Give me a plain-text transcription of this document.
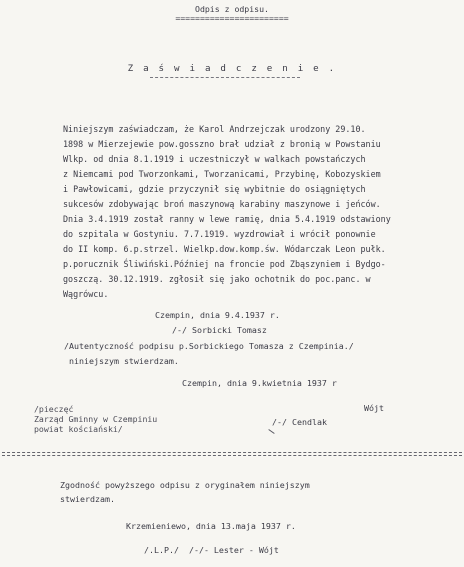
Odpis z odpisu.
=======================
Z a ś w i a d c z e n i e .
Niniejszym zaświadczam, że Karol Andrzejczak urodzony 29.10.
1898 w Mierzejewie pow.gosszno brał udział z bronią w Powstaniu
Wlkp. od dnia 8.1.1919 i uczestniczył w walkach powstańczych
z Niemcami pod Tworzonkami, Tworzanicami, Przybinę, Kobozyskiem
i Pawłowicami, gdzie przyczynił się wybitnie do osiągniętych
sukcesów zdobywając broń maszynową karabiny maszynowe i jeńców.
Dnia 3.4.1919 został ranny w lewe ramię, dnia 5.4.1919 odstawiony
do szpitala w Gostyniu. 7.7.1919. wyzdrowiał i wrócił ponownie
do II komp. 6.p.strzel. Wielkp.dow.komp.św. Wódarczak Leon pułk.
p.porucznik Śliwiński.Później na froncie pod Zbąszyniem i Bydgo-
goszczą. 30.12.1919. zgłosił się jako ochotnik do poc.panc. w
Wągrówcu.
Czempin, dnia 9.4.1937 r.
/-/ Sorbicki Tomasz
/Autentyczność podpisu p.Sorbickiego Tomasza z Czempinia./
niniejszym stwierdzam.
Czempin, dnia 9.kwietnia 1937 r
/pieczęć
Zarząd Gminny w Czempiniu
powiat kościański/
Wójt
/-/ Cendlak
Zgodność powyższego odpisu z oryginałem niniejszym
stwierdzam.
Krzemieniewo, dnia 13.maja 1937 r.
/.L.P./  /-/- Lester - Wójt
